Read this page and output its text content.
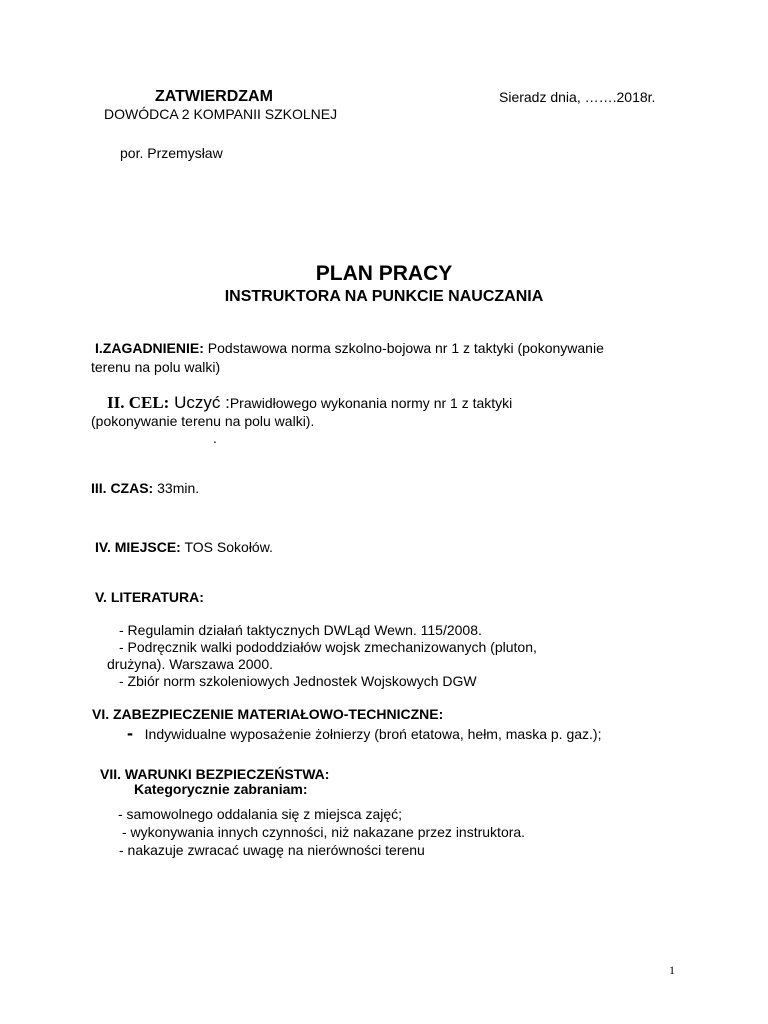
ZATWIERDZAM
DOWÓDCA 2 KOMPANII SZKOLNEJ
por. Przemysław
Sieradz dnia, …….2018r.
PLAN PRACY
INSTRUKTORA NA PUNKCIE NAUCZANIA
I.ZAGADNIENIE: Podstawowa norma szkolno-bojowa nr 1 z taktyki (pokonywanie
terenu na polu walki)
II. CEL: Uczyć :Prawidłowego wykonania normy nr 1 z taktyki
(pokonywanie terenu na polu walki).
.
III. CZAS: 33min.
IV. MIEJSCE: TOS Sokołów.
V. LITERATURA:
- Regulamin działań taktycznych DWLąd Wewn. 115/2008.
- Podręcznik walki pododdziałów wojsk zmechanizowanych (pluton,
drużyna). Warszawa 2000.
- Zbiór norm szkoleniowych Jednostek Wojskowych DGW
VI. ZABEZPIECZENIE MATERIAŁOWO-TECHNICZNE:
- Indywidualne wyposażenie żołnierzy (broń etatowa, hełm, maska p. gaz.);
VII. WARUNKI BEZPIECZEŃSTWA:
Kategorycznie zabraniam:
- samowolnego oddalania się z miejsca zajęć;
- wykonywania innych czynności, niż nakazane przez instruktora.
- nakazuje zwracać uwagę na nierówności terenu
1
